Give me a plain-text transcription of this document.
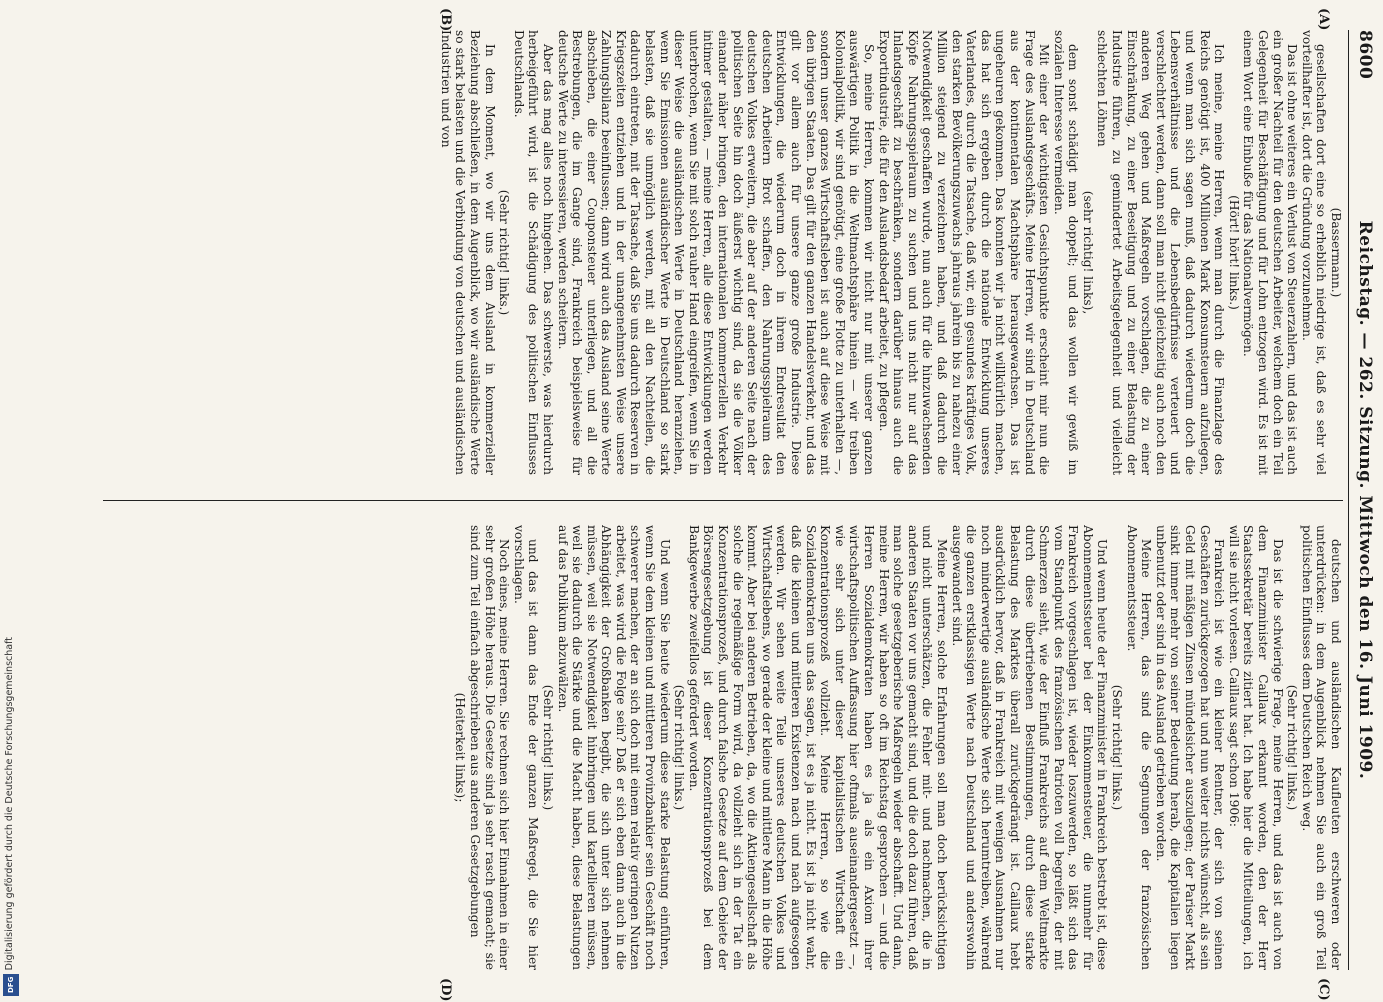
8600
Reichstag. — 262. Sitzung. Mittwoch den 16. Juni 1909.
(A)
(B)
(C)
(D)

(Bassermann.)

gesellschaften dort eine so erheblich niedrige ist, daß es sehr viel vorteilhafter ist, dort die Gründung vorzunehmen.

Das ist ohne weiteres ein Verlust von Steuerzahlern, und das ist auch ein großer Nachteil für den deutschen Arbeiter, welchem doch ein Teil Gelegenheit für Beschäftigung und für Lohn entzogen wird. Es ist mit einem Wort eine Einbuße für das Nationalvermögen.

(Hört! hört! links.)

Ich meine, meine Herren, wenn man durch die Finanzlage des Reichs genötigt ist, 400 Millionen Mark Konsumsteuern aufzulegen, und wenn man sich sagen muß, daß dadurch wiederum doch die Lebensverhältnisse und die Lebensbedürfnisse verteuert und verschlechtert werden, dann soll man nicht gleichzeitig auch noch den anderen Weg gehen und Maßregeln vorschlagen, die zu einer Einschränkung, zu einer Beseitigung und zu einer Belastung der Industrie führen, zu gemindertet Arbeitsgelegenheit und vielleicht schlechten Löhnen

(sehr richtig! links),

dem sonst schädigt man doppelt; und das wollen wir gewiß im sozialen Interesse vermeiden.

Mit einer der wichtigsten Gesichtspunkte erscheint mir nun die Frage des Auslandsgeschäfts. Meine Herren, wir sind in Deutschland aus der kontinentalen Machtsphäre herausgewachsen. Das ist ungeheuren gekommen. Das konnten wir ja nicht willkürlich machen, das hat sich ergeben durch die nationale Entwicklung unseres Vaterlandes, durch die Tatsache, daß wir, ein gesundes kräftiges Volk, den starken Bevölkerungszuwachs jahraus jahrein bis zu nahezu einer Million steigend zu verzeichnen haben, und daß dadurch die Notwendigkeit geschaffen wurde, nun auch für die hinzuwachsenden Köpfe Nahrungsspielraum zu suchen und uns nicht nur auf das Inlandsgeschäft zu beschränken, sondern darüber hinaus auch die Exportindustrie, die für den Auslandsbedarf arbeitet, zu pflegen.

So, meine Herren, kommen wir nicht nur mit unserer ganzen auswärtigen Politik in die Weltmachtsphäre hinein — wir treiben Kolonialpolitik, wir sind genötigt, eine große Flotte zu unterhalten —, sondern unser ganzes Wirtschaftsleben ist auch auf diese Weise mit den übrigen Staaten. Das gilt für den ganzen Handelsverkehr, und das gilt vor allem auch für unsere ganze große Industrie. Diese Entwicklungen, die wiederum doch in ihrem Endresultat den deutschen Arbeitern Brot schaffen, den Nahrungsspielraum des deutschen Volkes erweitern, die aber auf der anderen Seite nach der politischen Seite hin doch äußerst wichtig sind, da sie die Völker einander näher bringen, den internationalen kommerziellen Verkehr intimer gestalten, — meine Herren, alle diese Entwicklungen werden unterbrochen, wenn Sie mit solch rauher Hand eingreifen, wenn Sie in dieser Weise die ausländischen Werte in Deutschland heranziehen, wenn Sie Emissionen ausländischer Werte in Deutschland so stark belasten, daß sie unmöglich werden, mit all den Nachteilen, die dadurch eintreten, mit der Tatsache, daß Sie uns dadurch Reserven in Kriegszeiten entziehen und in der unangenehmsten Weise unsere Zahlungsbilanz beeinflussen; dann wird auch das Ausland seine Werte abschieben, die einer Couponsteuer unterliegen, und all die Bestrebungen, die im Gange sind, Frankreich beispielsweise für deutsche Werte zu interessieren, werden scheitern.

Aber das mag alles noch hingehen. Das schwerste, was hierdurch herbeigeführt wird, ist die Schädigung des politischen Einflusses Deutschlands.

(Sehr richtig! links.)

In dem Moment, wo wir uns dem Ausland in kommerzieller Beziehung abschließen, in dem Augenblick, wo wir ausländische Werte so stark belasten und die Verbindung von deutschen und ausländischen Industrien und von

deutschen und ausländischen Kaufleuten erschweren oder unterdrücken: in dem Augenblick nehmen Sie auch ein groß Teil politischen Einflusses dem Deutschen Reich weg.

(Sehr richtig! links.)

Das ist die schwierige Frage, meine Herren, und das ist auch von dem Finanzminister Caillaux erkannt worden, den der Herr Staatssekretär bereits zitiert hat. Ich habe hier die Mitteilungen, ich will sie nicht vorlesen. Caillaux sagt schon 1906:

Frankreich ist wie ein kleiner Rentner, der sich von seinen Geschäften zurückgezogen hat und nun weiter nichts wünscht, als sein Geld mit mäßigen Zinsen mündelsicher auszulegen; der Pariser Markt sinkt immer mehr von seiner Bedeutung herab, die Kapitalien liegen unbenutzt oder sind in das Ausland getrieben worden.

Meine Herren, das sind die Segnungen der französischen Abonnementssteuer.

(Sehr richtig! links.)

Und wenn heute der Finanzminister in Frankreich bestrebt ist, diese Abonnementssteuer bei der Einkommensteuer, die nunmehr für Frankreich vorgeschlagen ist, wieder loszuwerden, so läßt sich das vom Standpunkt des französischen Patrioten voll begreifen, der mit Schmerzen sieht, wie der Einfluß Frankreichs auf dem Weltmarkte durch diese übertriebenen Bestimmungen, durch diese starke Belastung des Marktes überall zurückgedrängt ist. Caillaux hebt ausdrücklich hervor, daß in Frankreich mit wenigen Ausnahmen nur noch minderwertige ausländische Werte sich herumtreiben, während die ganzen erstklassigen Werte nach Deutschland und anderswohin ausgewandert sind.

Meine Herren, solche Erfahrungen soll man doch berücksichtigen und nicht unterschätzen, die Fehler mit- und nachmachen, die in anderen Staaten vor uns gemacht sind, und die doch dazu führen, daß man solche gesetzgeberische Maßregeln wieder abschafft. Und dann, meine Herren, wir haben so oft im Reichstag gesprochen — und die Herren Sozialdemokraten haben es ja als ein Axiom ihrer wirtschaftspolitischen Auffassung hier oftmals auseinandergesetzt —, wie sehr sich unter dieser kapitalistischen Wirtschaft ein Konzentrationsprozeß vollzieht. Meine Herren, so wie die Sozialdemokraten uns das sagen, ist es ja nicht. Es ist ja nicht wahr, daß die kleinen und mittleren Existenzen nach und nach aufgesogen werden. Wir sehen weite Teile unseres deutschen Volkes und Wirtschaftslebens, wo gerade der kleine und mittlere Mann in die Höhe kommt. Aber bei anderen Betrieben, da, wo die Aktiengesellschaft als solche die regelmäßige Form wird, da vollzieht sich in der Tat ein Konzentrationsprozeß, und durch falsche Gesetze auf dem Gebiete der Börsengesetzgebung ist dieser Konzentrationsprozeß bei dem Bankgewerbe zweifellos gefördert worden.

(Sehr richtig! links.)

Und wenn Sie heute wiederum diese starke Belastung einführen, wenn Sie dem kleinen und mittleren Provinzbankier sein Geschäft noch schwerer machen, der an sich doch mit einem relativ geringen Nutzen arbeitet, was wird die Folge sein? Daß er sich eben dann auch in die Abhängigkeit der Großbanken begibt, die sich unter sich nehmen müssen, weil sie Notwendigkeit hinbringen und kartellieren müssen, weil sie dadurch die Stärke und die Macht haben, diese Belastungen auf das Publikum abzuwälzen.

(Sehr richtig! links.)

und das ist dann das Ende der ganzen Maßregel, die Sie hier vorschlagen.

Noch eines, meine Herren. Sie rechnen sich hier Einnahmen in einer sehr großen Höhe heraus. Die Gesetze sind ja sehr rasch gemacht; sie sind zum Teil einfach abgeschrieben aus anderen Gesetzgebungen

(Heiterkeit links);

Digitalisierung gefördert durch die Deutsche Forschungsgemeinschaft
DFG
